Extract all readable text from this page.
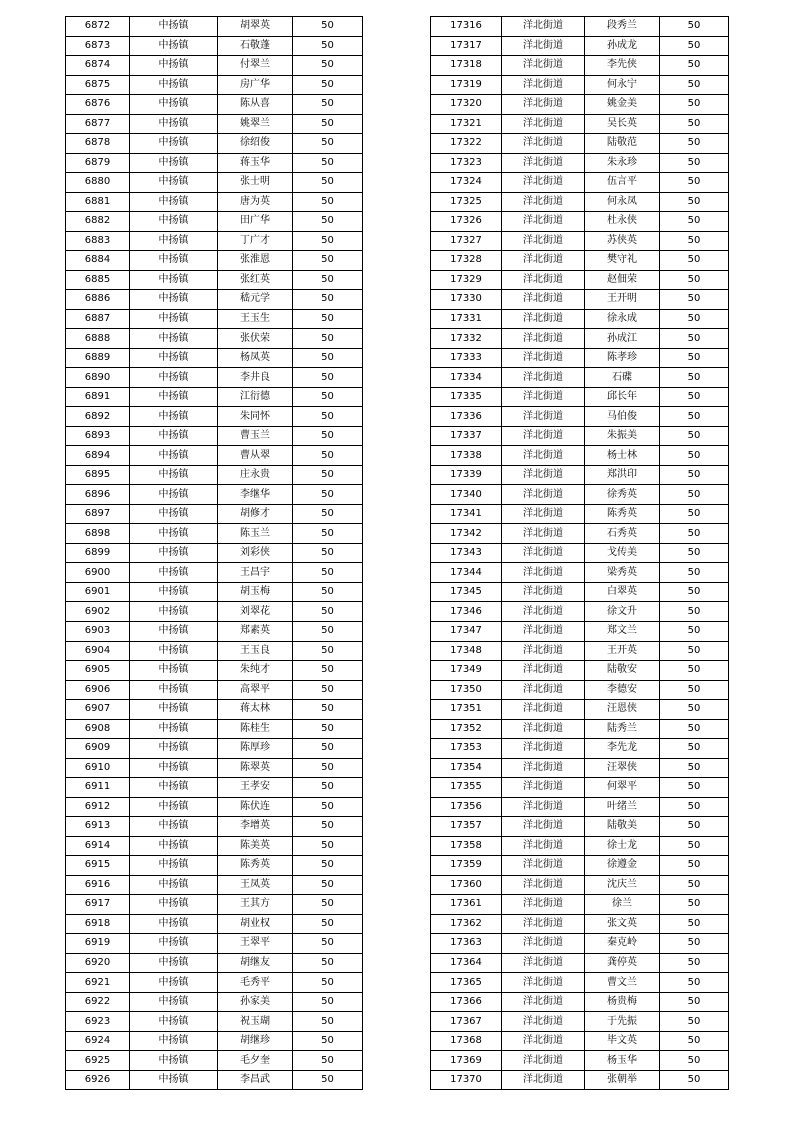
6872	中扬镇	胡翠英	50
6873	中扬镇	石敬蓬	50
6874	中扬镇	付翠兰	50
6875	中扬镇	房广华	50
6876	中扬镇	陈从喜	50
6877	中扬镇	姚翠兰	50
6878	中扬镇	徐绍俊	50
6879	中扬镇	蒋玉华	50
6880	中扬镇	张士明	50
6881	中扬镇	唐为英	50
6882	中扬镇	田广华	50
6883	中扬镇	丁广才	50
6884	中扬镇	张淮恩	50
6885	中扬镇	张红英	50
6886	中扬镇	嵇元学	50
6887	中扬镇	王玉生	50
6888	中扬镇	张伏荣	50
6889	中扬镇	杨凤英	50
6890	中扬镇	李井良	50
6891	中扬镇	江衍德	50
6892	中扬镇	朱同怀	50
6893	中扬镇	曹玉兰	50
6894	中扬镇	曹从翠	50
6895	中扬镇	庄永贵	50
6896	中扬镇	李继华	50
6897	中扬镇	胡修才	50
6898	中扬镇	陈玉兰	50
6899	中扬镇	刘彩侠	50
6900	中扬镇	王昌宇	50
6901	中扬镇	胡玉梅	50
6902	中扬镇	刘翠花	50
6903	中扬镇	郑素英	50
6904	中扬镇	王玉良	50
6905	中扬镇	朱纯才	50
6906	中扬镇	高翠平	50
6907	中扬镇	蒋太林	50
6908	中扬镇	陈桂生	50
6909	中扬镇	陈厚珍	50
6910	中扬镇	陈翠英	50
6911	中扬镇	王孝安	50
6912	中扬镇	陈伏连	50
6913	中扬镇	李增英	50
6914	中扬镇	陈美英	50
6915	中扬镇	陈秀英	50
6916	中扬镇	王凤英	50
6917	中扬镇	王其方	50
6918	中扬镇	胡业权	50
6919	中扬镇	王翠平	50
6920	中扬镇	胡继友	50
6921	中扬镇	毛秀平	50
6922	中扬镇	孙家美	50
6923	中扬镇	祝玉瑚	50
6924	中扬镇	胡继珍	50
6925	中扬镇	毛夕奎	50
6926	中扬镇	李昌武	50
17316	洋北街道	段秀兰	50
17317	洋北街道	孙成龙	50
17318	洋北街道	李先侠	50
17319	洋北街道	何永宁	50
17320	洋北街道	姚金美	50
17321	洋北街道	吴长英	50
17322	洋北街道	陆敬范	50
17323	洋北街道	朱永珍	50
17324	洋北街道	伍言平	50
17325	洋北街道	何永凤	50
17326	洋北街道	杜永侠	50
17327	洋北街道	苏侠英	50
17328	洋北街道	樊守礼	50
17329	洋北街道	赵佃荣	50
17330	洋北街道	王开明	50
17331	洋北街道	徐永成	50
17332	洋北街道	孙成江	50
17333	洋北街道	陈孝珍	50
17334	洋北街道	石碟	50
17335	洋北街道	邱长年	50
17336	洋北街道	马伯俊	50
17337	洋北街道	朱振美	50
17338	洋北街道	杨士林	50
17339	洋北街道	郑洪印	50
17340	洋北街道	徐秀英	50
17341	洋北街道	陈秀英	50
17342	洋北街道	石秀英	50
17343	洋北街道	戈传美	50
17344	洋北街道	梁秀英	50
17345	洋北街道	白翠英	50
17346	洋北街道	徐文升	50
17347	洋北街道	郑文兰	50
17348	洋北街道	王开英	50
17349	洋北街道	陆敬安	50
17350	洋北街道	李德安	50
17351	洋北街道	汪恩侠	50
17352	洋北街道	陆秀兰	50
17353	洋北街道	李先龙	50
17354	洋北街道	汪翠侠	50
17355	洋北街道	何翠平	50
17356	洋北街道	叶绪兰	50
17357	洋北街道	陆敬美	50
17358	洋北街道	徐士龙	50
17359	洋北街道	徐遵金	50
17360	洋北街道	沈庆兰	50
17361	洋北街道	徐兰	50
17362	洋北街道	张文英	50
17363	洋北街道	秦克岭	50
17364	洋北街道	龚停英	50
17365	洋北街道	曹文兰	50
17366	洋北街道	杨贵梅	50
17367	洋北街道	于先振	50
17368	洋北街道	毕文英	50
17369	洋北街道	杨玉华	50
17370	洋北街道	张朝举	50
